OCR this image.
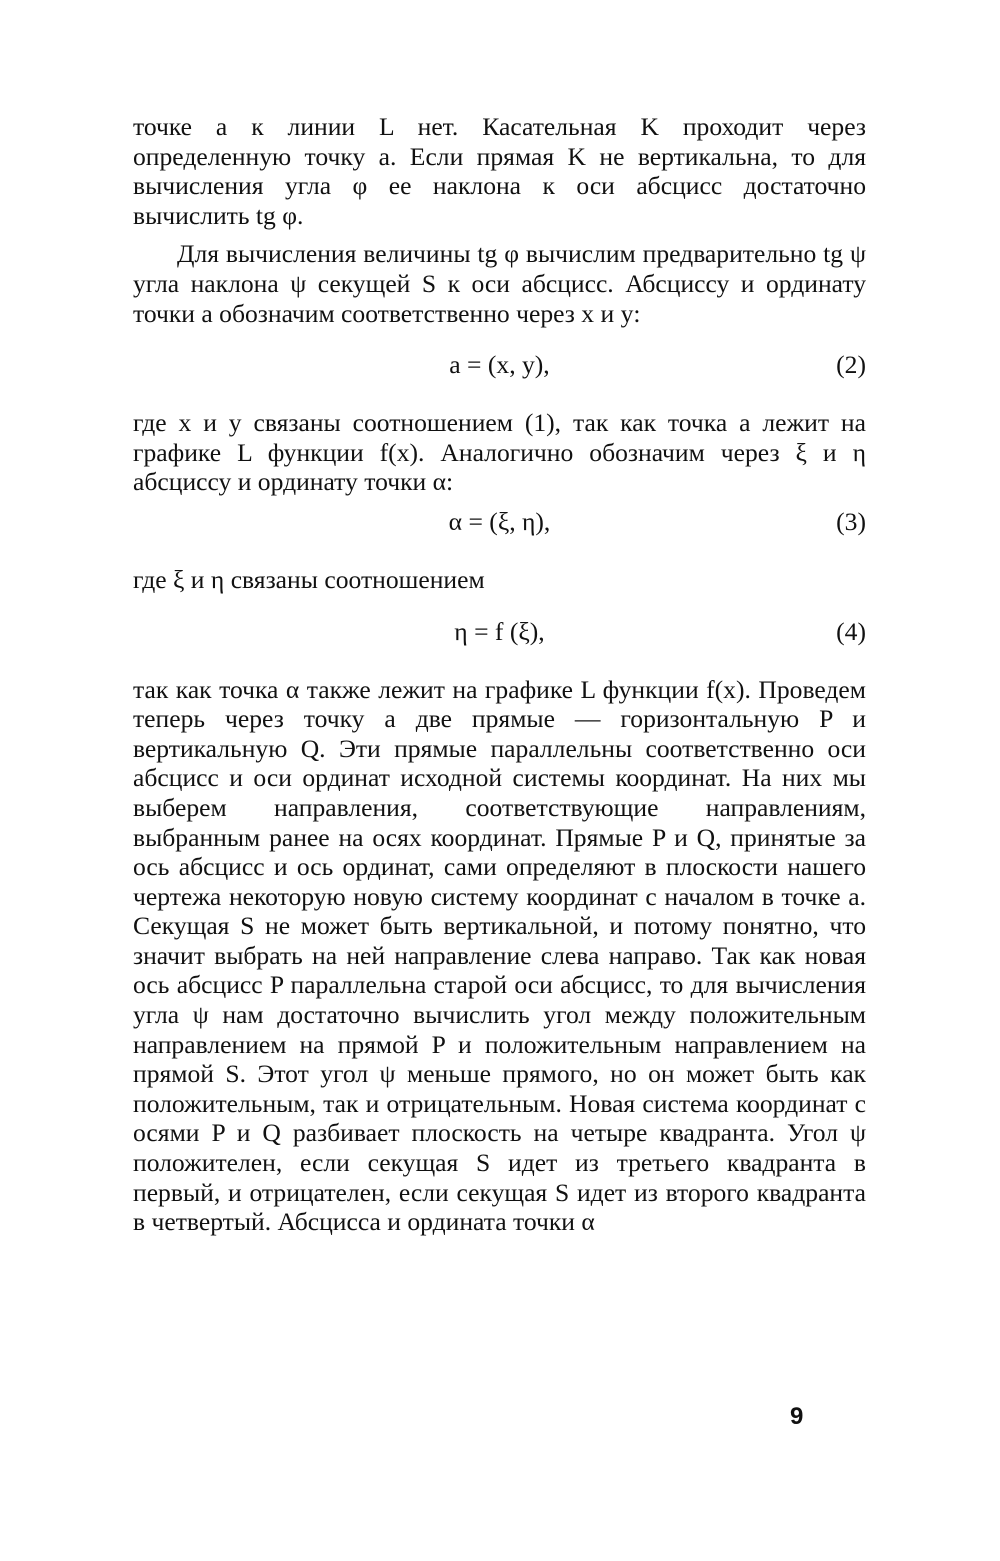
точке a к линии L нет. Касательная K проходит через определенную точку a. Если прямая K не вертикальна, то для вычисления угла φ ее наклона к оси абсцисс достаточно вычислить tg φ.

Для вычисления величины tg φ вычислим предварительно tg ψ угла наклона ψ секущей S к оси абсцисс. Абсциссу и ординату точки a обозначим соответственно через x и y:

a = (x, y),	(2)

где x и y связаны соотношением (1), так как точка a лежит на графике L функции f(x). Аналогично обозначим через ξ и η абсциссу и ординату точки α:

α = (ξ, η),	(3)

где ξ и η связаны соотношением

η = f (ξ),	(4)

так как точка α также лежит на графике L функции f(x). Проведем теперь через точку a две прямые — горизонтальную P и вертикальную Q. Эти прямые параллельны соответственно оси абсцисс и оси ординат исходной системы координат. На них мы выберем направления, соответствующие направлениям, выбранным ранее на осях координат. Прямые P и Q, принятые за ось абсцисс и ось ординат, сами определяют в плоскости нашего чертежа некоторую новую систему координат с началом в точке a. Секущая S не может быть вертикальной, и потому понятно, что значит выбрать на ней направление слева направо. Так как новая ось абсцисс P параллельна старой оси абсцисс, то для вычисления угла ψ нам достаточно вычислить угол между положительным направлением на прямой P и положительным направлением на прямой S. Этот угол ψ меньше прямого, но он может быть как положительным, так и отрицательным. Новая система координат с осями P и Q разбивает плоскость на четыре квадранта. Угол ψ положителен, если секущая S идет из третьего квадранта в первый, и отрицателен, если секущая S идет из второго квадранта в четвертый. Абсцисса и ордината точки α

9
